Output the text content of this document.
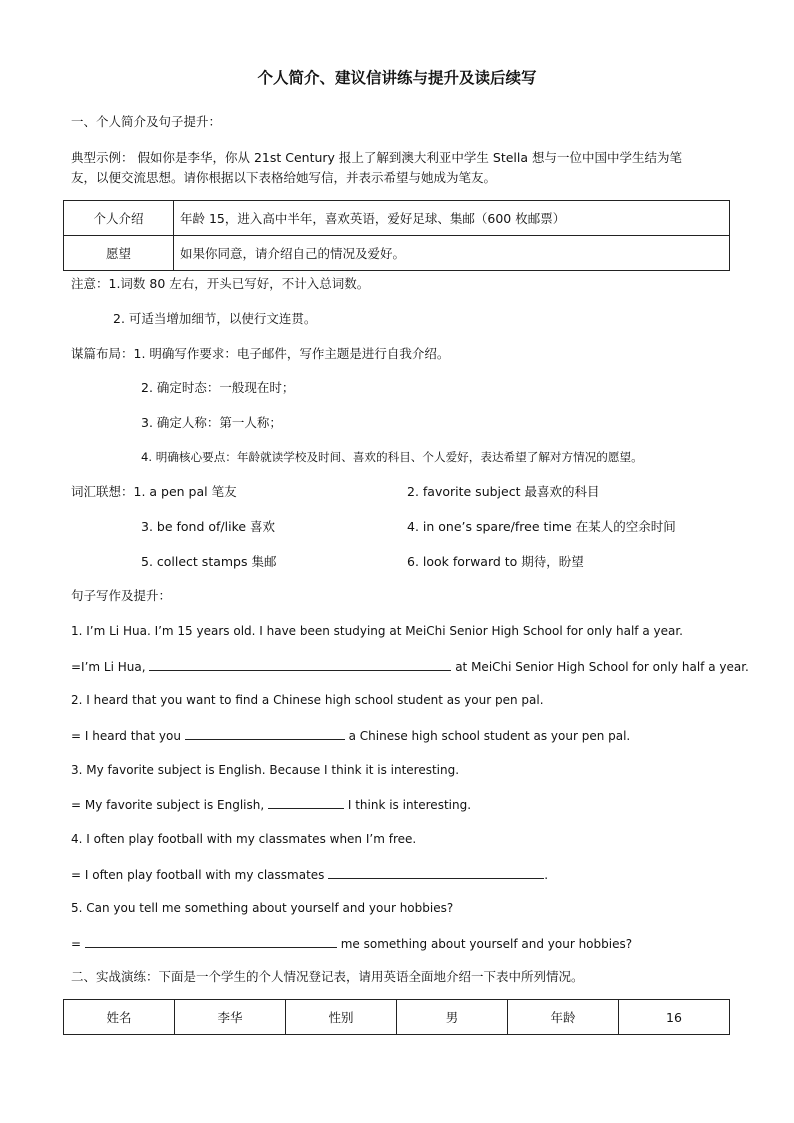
个人简介、建议信讲练与提升及读后续写
一、个人简介及句子提升：
典型示例： 假如你是李华，你从 21st Century 报上了解到澳大利亚中学生 Stella 想与一位中国中学生结为笔
友，以便交流思想。请你根据以下表格给她写信，并表示希望与她成为笔友。
个人介绍	年龄 15，进入高中半年，喜欢英语，爱好足球、集邮（600 枚邮票）
愿望	如果你同意，请介绍自己的情况及爱好。
注意：1.词数 80 左右，开头已写好，不计入总词数。
2. 可适当增加细节，以使行文连贯。
谋篇布局：1. 明确写作要求：电子邮件，写作主题是进行自我介绍。
2. 确定时态：一般现在时；
3. 确定人称：第一人称；
4. 明确核心要点：年龄就读学校及时间、喜欢的科目、个人爱好，表达希望了解对方情况的愿望。
词汇联想：1. a pen pal 笔友	2. favorite subject 最喜欢的科目
3. be fond of/like 喜欢	4. in one’s spare/free time 在某人的空余时间
5. collect stamps 集邮	6. look forward to 期待，盼望
句子写作及提升：
1. I’m Li Hua. I’m 15 years old. I have been studying at MeiChi Senior High School for only half a year.
=I’m Li Hua,	at MeiChi Senior High School for only half a year.
2. I heard that you want to find a Chinese high school student as your pen pal.
= I heard that you	a Chinese high school student as your pen pal.
3. My favorite subject is English. Because I think it is interesting.
= My favorite subject is English,	I think is interesting.
4. I often play football with my classmates when I’m free.
= I often play football with my classmates	.
5. Can you tell me something about yourself and your hobbies?
=	me something about yourself and your hobbies?
二、实战演练：下面是一个学生的个人情况登记表，请用英语全面地介绍一下表中所列情况。
姓名	李华	性别	男	年龄	16
